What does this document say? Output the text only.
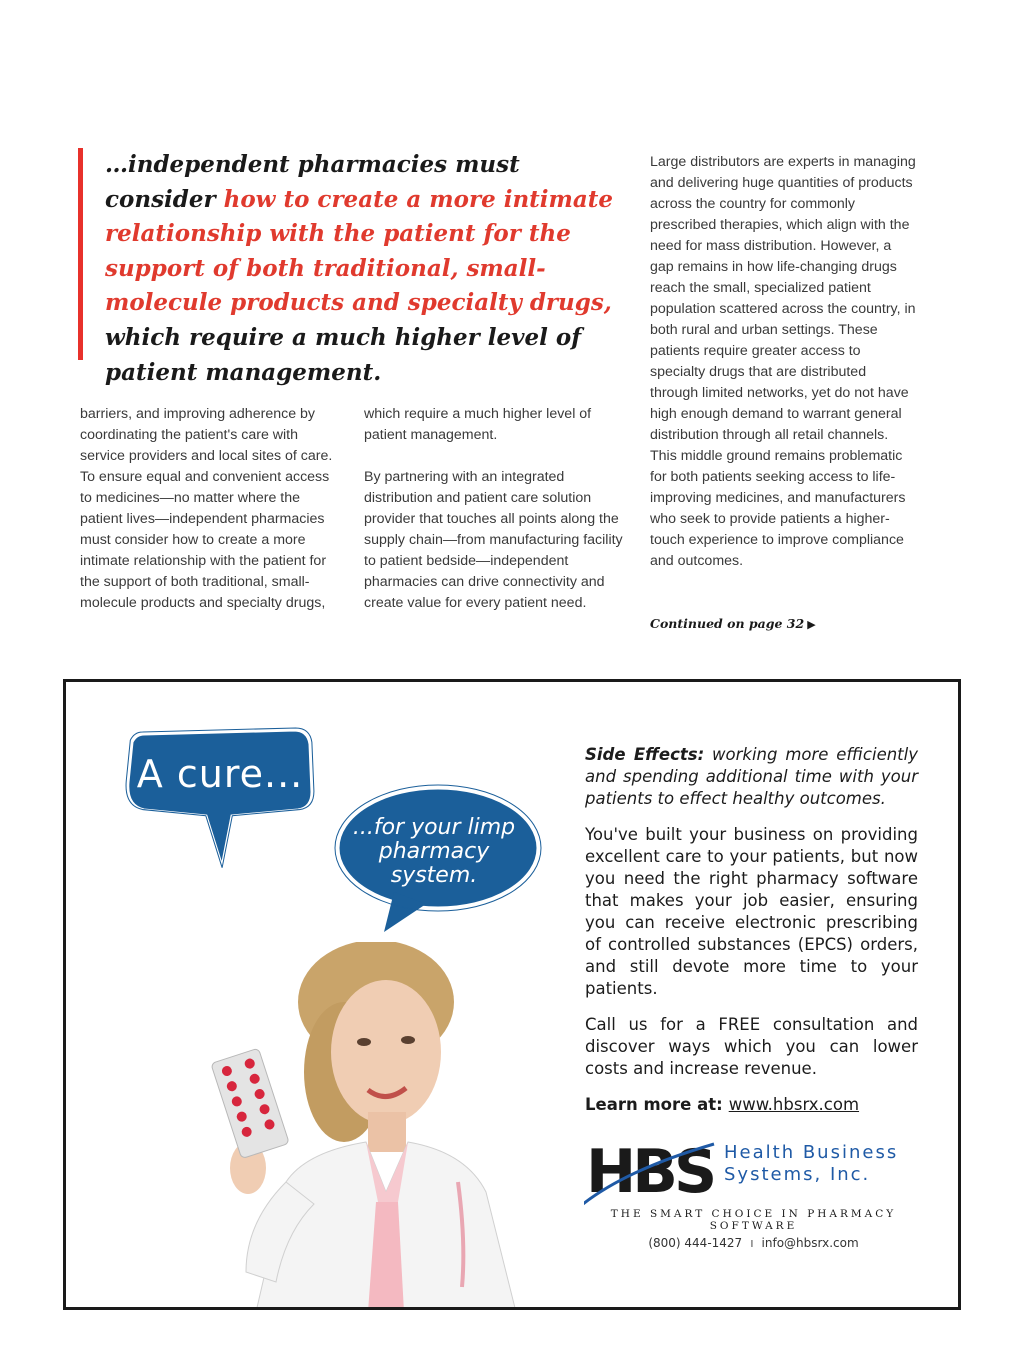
…independent pharmacies must consider how to create a more intimate relationship with the patient for the support of both traditional, small-molecule products and specialty drugs, which require a much higher level of patient management.

barriers, and improving adherence by coordinating the patient's care with service providers and local sites of care. To ensure equal and convenient access to medicines—no matter where the patient lives—independent pharmacies must consider how to create a more intimate relationship with the patient for the support of both traditional, small-molecule products and specialty drugs,

which require a much higher level of patient management.

By partnering with an integrated distribution and patient care solution provider that touches all points along the supply chain—from manufacturing facility to patient bedside—independent pharmacies can drive connectivity and create value for every patient need.

Large distributors are experts in managing and delivering huge quantities of products across the country for commonly prescribed therapies, which align with the need for mass distribution. However, a gap remains in how life-changing drugs reach the small, specialized patient population scattered across the country, in both rural and urban settings. These patients require greater access to specialty drugs that are distributed through limited networks, yet do not have high enough demand to warrant general distribution through all retail channels. This middle ground remains problematic for both patients seeking access to life-improving medicines, and manufacturers who seek to provide patients a higher-touch experience to improve compliance and outcomes.

Continued on page 32 ▶
A cure...
...for your limp
pharmacy
system.

Side Effects: working more efficiently and spending additional time with your patients to effect healthy outcomes.

You've built your business on providing excellent care to your patients, but now you need the right pharmacy software that makes your job easier, ensuring you can receive electronic prescribing of controlled substances (EPCS) orders, and still devote more time to your patients.

Call us for a FREE consultation and discover ways which you can lower costs and increase revenue.

Learn more at: www.hbsrx.com

HBS Health Business
Systems, Inc.
THE SMART CHOICE IN PHARMACY SOFTWARE
(800) 444-1427 ı info@hbsrx.com
